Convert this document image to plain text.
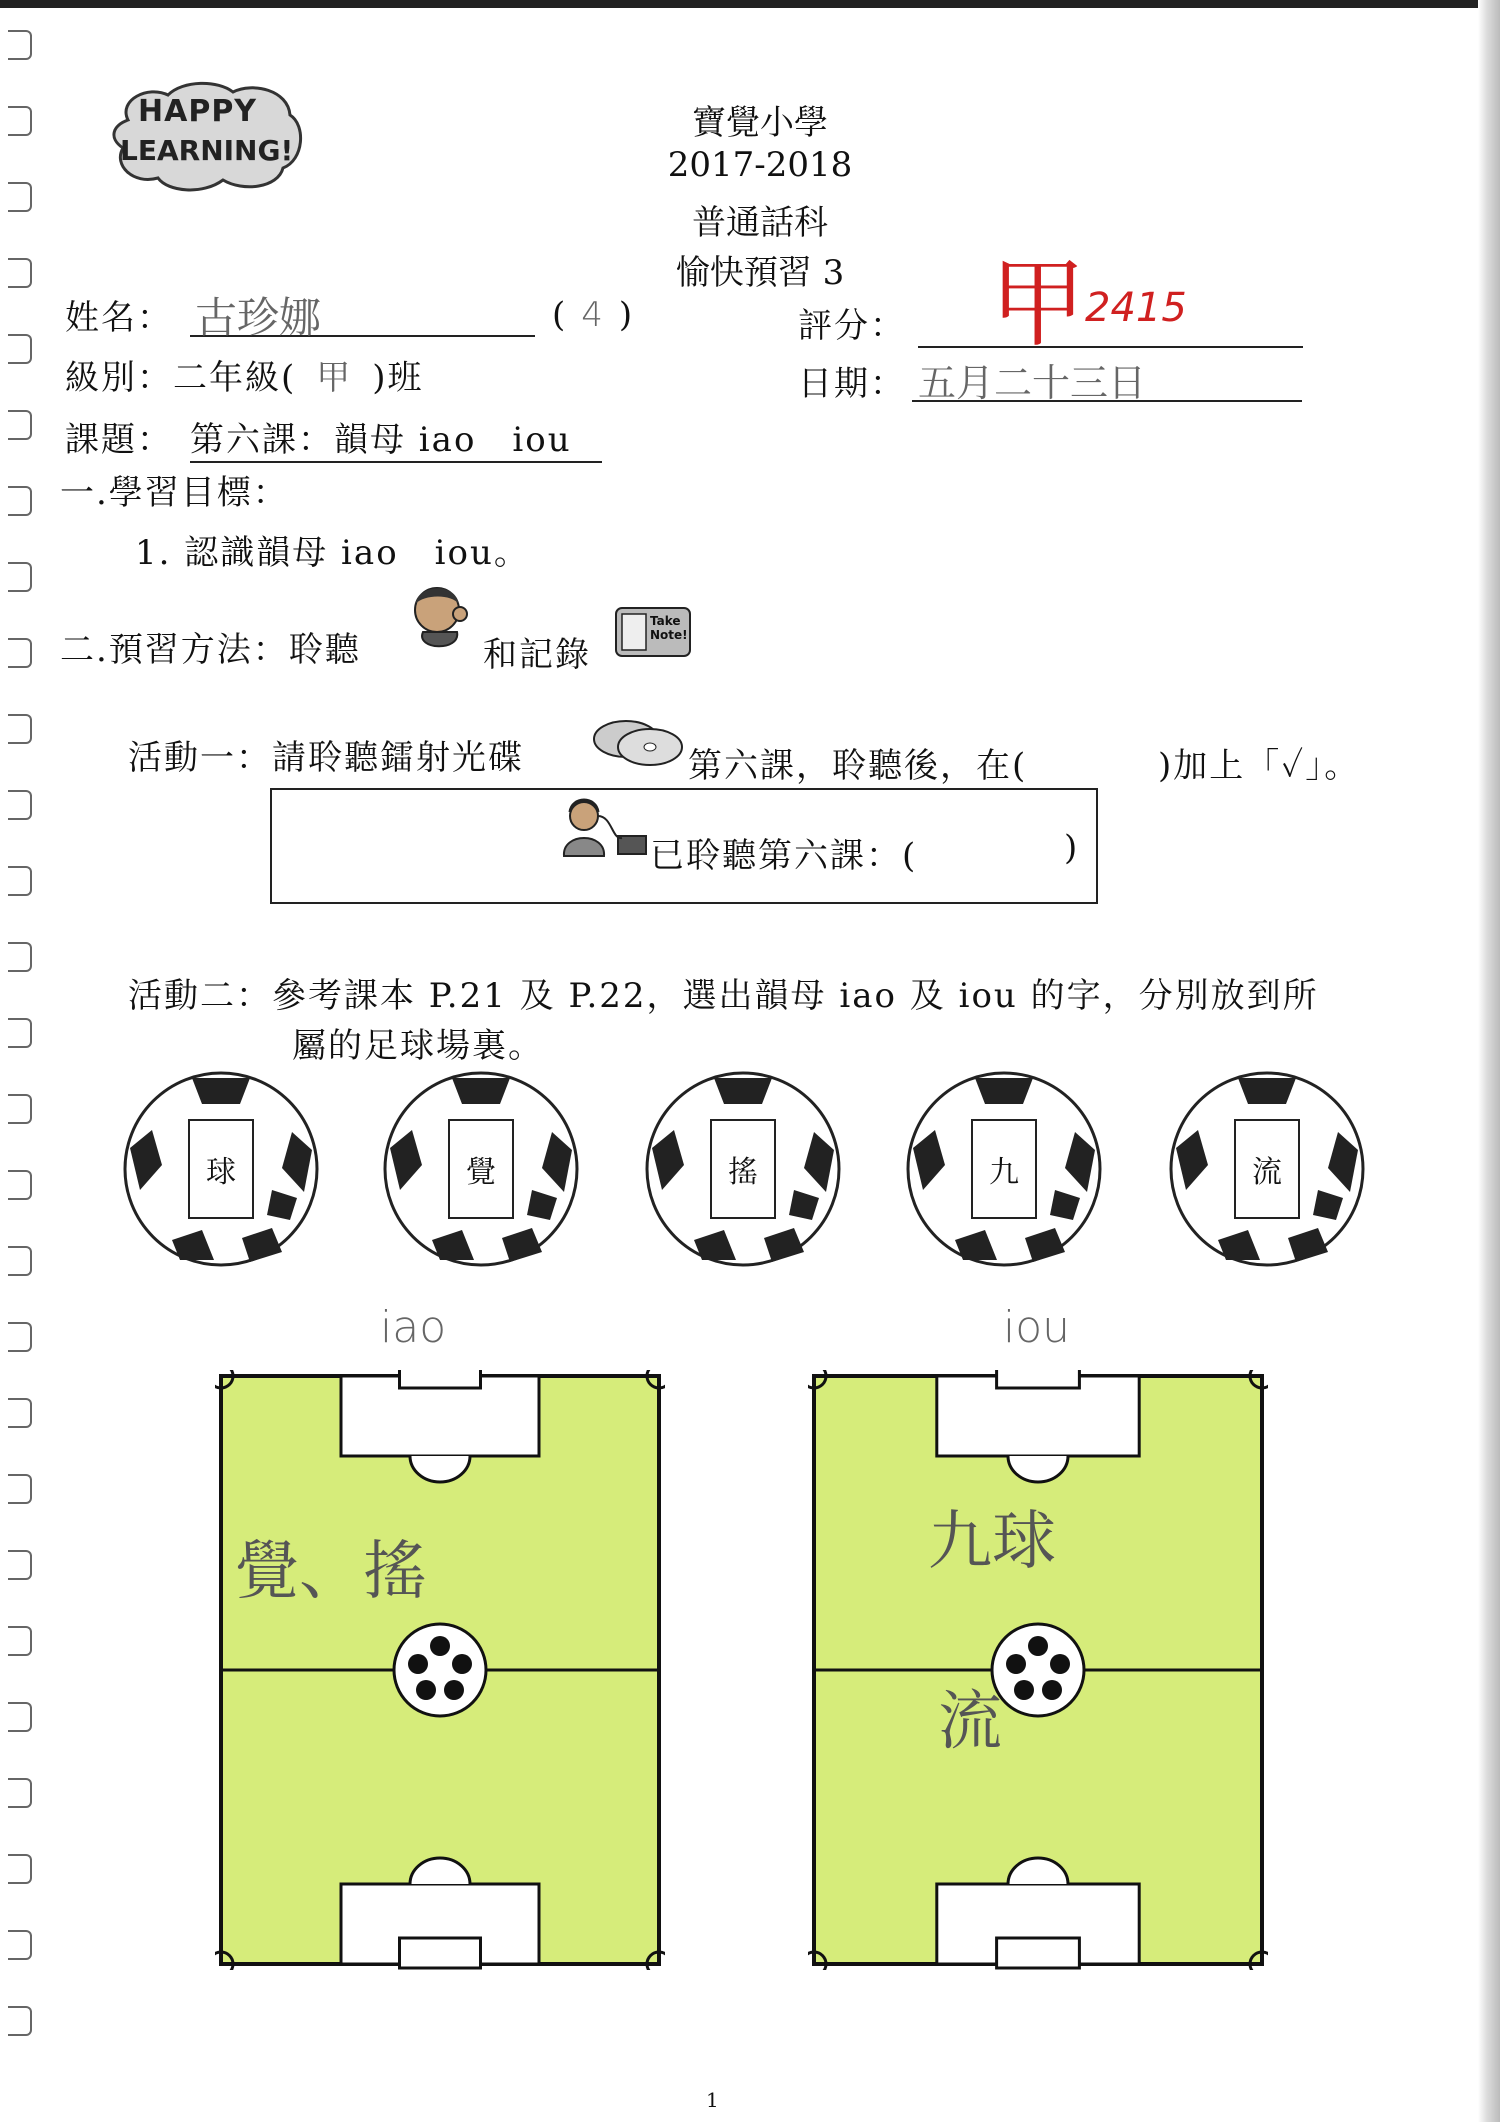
HAPPY
LEARNING!
寶覺小學
2017-2018
普通話科
愉快預習 3
姓名： 古珍娜	( 4 )	評分： 甲 2415
級別：二年級( 甲 )班	日期： 五月二十三日
課題： 第六課：韻母 iao　iou
一.學習目標：
1. 認識韻母 iao　iou。
二.預習方法：聆聽	和記錄
Take Note!
活動一：請聆聽鐳射光碟	第六課，聆聽後，在(	)加上「✓」。
已聆聽第六課：(	)
活動二：參考課本 P.21 及 P.22，選出韻母 iao 及 iou 的字，分別放到所
屬的足球場裏。
球	覺	搖	九	流
iao	iou
覺、搖	九球
流
1
